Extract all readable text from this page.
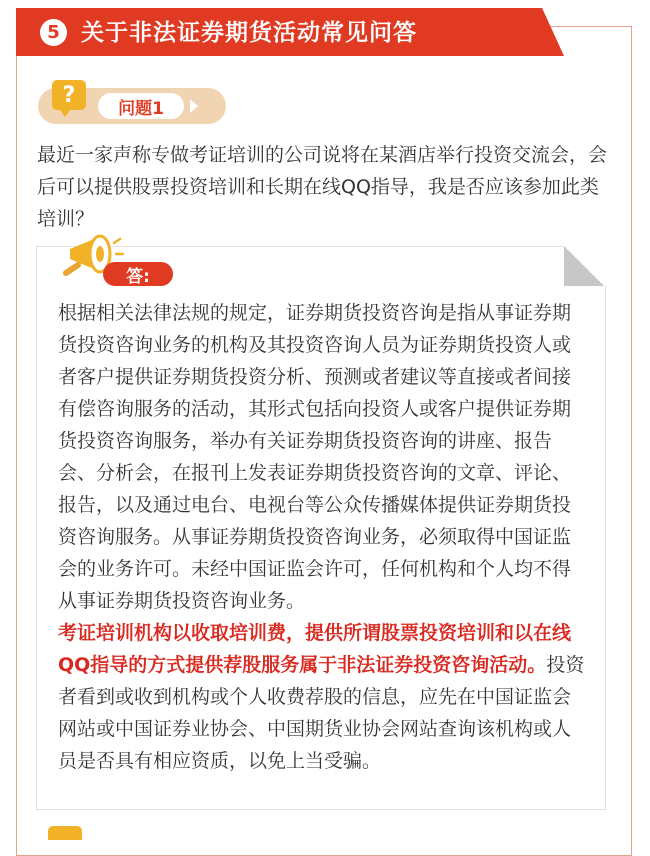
5 关于非法证券期货活动常见问答
?
问题1

最近一家声称专做考证培训的公司说将在某酒店举行投资交流会，会后可以提供股票投资培训和长期在线QQ指导，我是否应该参加此类培训？

答:

根据相关法律法规的规定，证券期货投资咨询是指从事证券期货投资咨询业务的机构及其投资咨询人员为证券期货投资人或者客户提供证券期货投资分析、预测或者建议等直接或者间接有偿咨询服务的活动，其形式包括向投资人或客户提供证券期货投资咨询服务，举办有关证券期货投资咨询的讲座、报告会、分析会，在报刊上发表证券期货投资咨询的文章、评论、报告，以及通过电台、电视台等公众传播媒体提供证券期货投资咨询服务。从事证券期货投资咨询业务，必须取得中国证监会的业务许可。未经中国证监会许可，任何机构和个人均不得从事证券期货投资咨询业务。
考证培训机构以收取培训费，提供所谓股票投资培训和以在线QQ指导的方式提供荐股服务属于非法证券投资咨询活动。投资者看到或收到机构或个人收费荐股的信息，应先在中国证监会网站或中国证券业协会、中国期货业协会网站查询该机构或人员是否具有相应资质，以免上当受骗。
